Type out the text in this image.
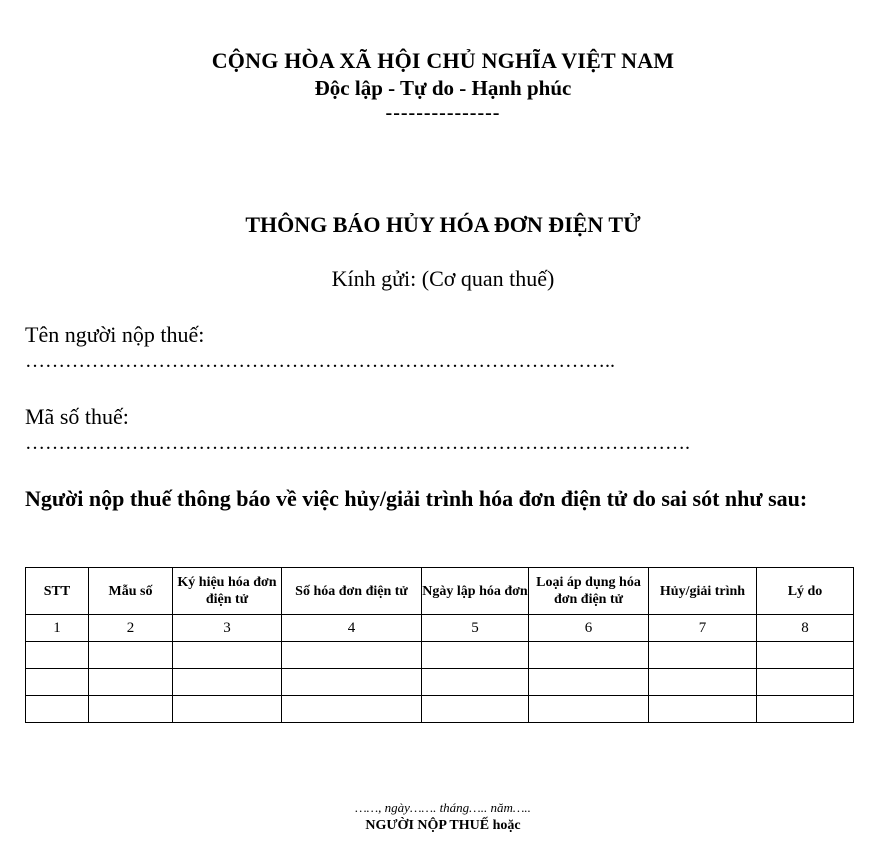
CỘNG HÒA XÃ HỘI CHỦ NGHĨA VIỆT NAM
Độc lập - Tự do - Hạnh phúc
---------------
THÔNG BÁO HỦY HÓA ĐƠN ĐIỆN TỬ
Kính gửi: (Cơ quan thuế)
Tên người nộp thuế:
……………………………………………………………………………..
Mã số thuế:
……………………………………………………………………………………….
Người nộp thuế thông báo về việc hủy/giải trình hóa đơn điện tử do sai sót như sau:
STT	Mẫu số	Ký hiệu hóa đơn điện tử	Số hóa đơn điện tử	Ngày lập hóa đơn	Loại áp dụng hóa đơn điện tử	Hủy/giải trình	Lý do
1	2	3	4	5	6	7	8

……, ngày……. tháng….. năm…..
NGƯỜI NỘP THUẾ hoặc
